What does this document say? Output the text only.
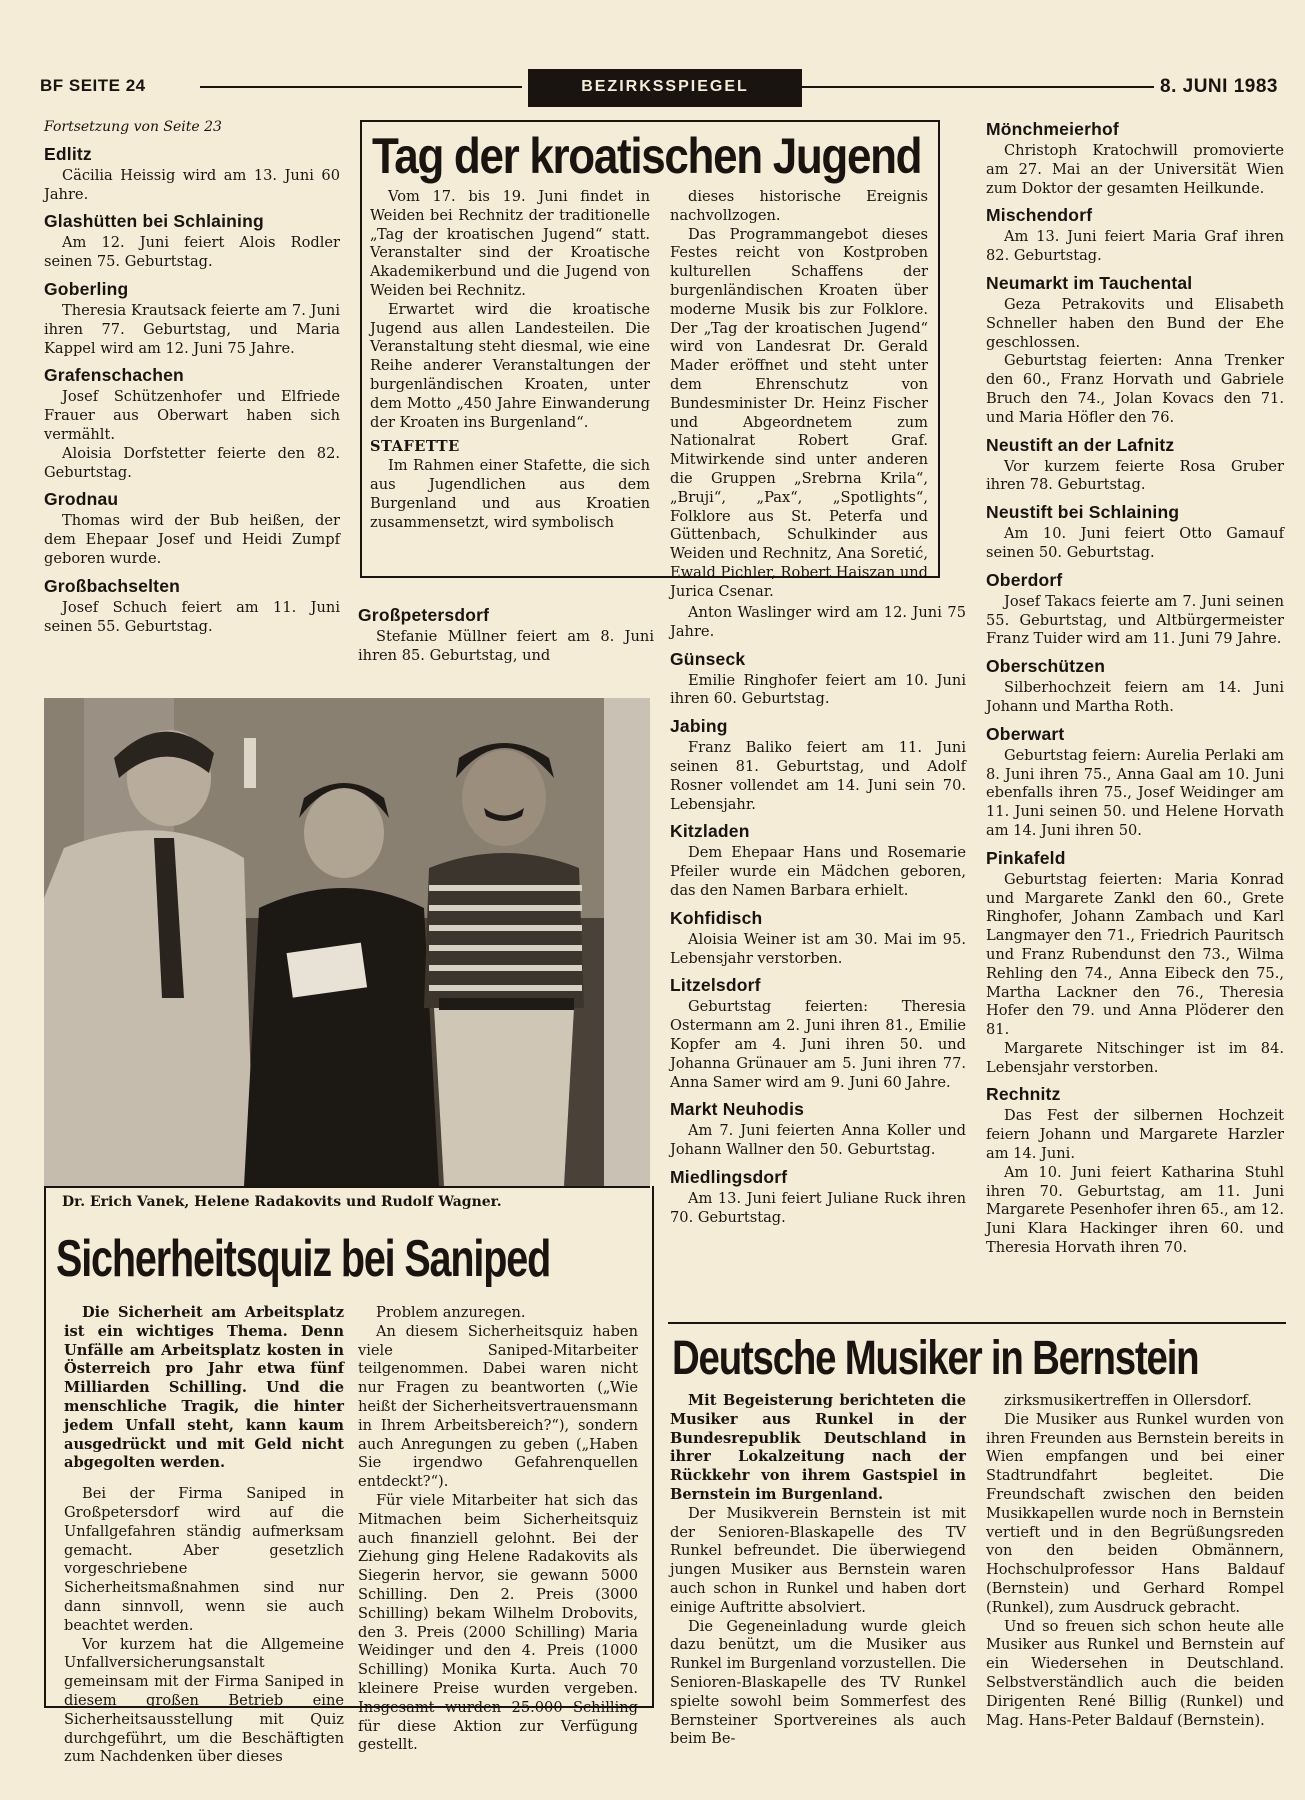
BF SEITE 24	BEZIRKSSPIEGEL	8. JUNI 1983

Fortsetzung von Seite 23

Edlitz

Cäcilia Heissig wird am 13. Juni 60 Jahre.

Glashütten bei Schlaining

Am 12. Juni feiert Alois Rodler seinen 75. Geburtstag.

Goberling

Theresia Krautsack feierte am 7. Juni ihren 77. Geburtstag, und Maria Kappel wird am 12. Juni 75 Jahre.

Grafenschachen

Josef Schützenhofer und Elfriede Frauer aus Oberwart haben sich vermählt.

Aloisia Dorfstetter feierte den 82. Geburtstag.

Grodnau

Thomas wird der Bub heißen, der dem Ehepaar Josef und Heidi Zumpf geboren wurde.

Großbachselten

Josef Schuch feiert am 11. Juni seinen 55. Geburtstag.

Tag der kroatischen Jugend

Vom 17. bis 19. Juni findet in Weiden bei Rechnitz der traditionelle „Tag der kroatischen Jugend“ statt. Veranstalter sind der Kroatische Akademikerbund und die Jugend von Weiden bei Rechnitz.

Erwartet wird die kroatische Jugend aus allen Landesteilen. Die Veranstaltung steht diesmal, wie eine Reihe anderer Veranstaltungen der burgenländischen Kroaten, unter dem Motto „450 Jahre Einwanderung der Kroaten ins Burgenland“.

STAFETTE

Im Rahmen einer Stafette, die sich aus Jugendlichen aus dem Burgenland und aus Kroatien zusammensetzt, wird symbolisch

dieses historische Ereignis nachvollzogen.

Das Programmangebot dieses Festes reicht von Kostproben kulturellen Schaffens der burgenländischen Kroaten über moderne Musik bis zur Folklore. Der „Tag der kroatischen Jugend“ wird von Landesrat Dr. Gerald Mader eröffnet und steht unter dem Ehrenschutz von Bundesminister Dr. Heinz Fischer und Abgeordnetem zum Nationalrat Robert Graf. Mitwirkende sind unter anderen die Gruppen „Srebrna Krila“, „Bruji“, „Pax“, „Spotlights“, Folklore aus St. Peterfa und Güttenbach, Schulkinder aus Weiden und Rechnitz, Ana Soretić, Ewald Pichler, Robert Haiszan und Jurica Csenar.

Großpetersdorf

Stefanie Müllner feiert am 8. Juni ihren 85. Geburtstag, und

Dr. Erich Vanek, Helene Radakovits und Rudolf Wagner.
Sicherheitsquiz bei Saniped

Die Sicherheit am Arbeitsplatz ist ein wichtiges Thema. Denn Unfälle am Arbeitsplatz kosten in Österreich pro Jahr etwa fünf Milliarden Schilling. Und die menschliche Tragik, die hinter jedem Unfall steht, kann kaum ausgedrückt und mit Geld nicht abgegolten werden.

Bei der Firma Saniped in Großpetersdorf wird auf die Unfallgefahren ständig aufmerksam gemacht. Aber gesetzlich vorgeschriebene Sicherheitsmaßnahmen sind nur dann sinnvoll, wenn sie auch beachtet werden.

Vor kurzem hat die Allgemeine Unfallversicherungsanstalt gemeinsam mit der Firma Saniped in diesem großen Betrieb eine Sicherheitsausstellung mit Quiz durchgeführt, um die Beschäftigten zum Nachdenken über dieses

Problem anzuregen.

An diesem Sicherheitsquiz haben viele Saniped-Mitarbeiter teilgenommen. Dabei waren nicht nur Fragen zu beantworten („Wie heißt der Sicherheitsvertrauensmann in Ihrem Arbeitsbereich?“), sondern auch Anregungen zu geben („Haben Sie irgendwo Gefahrenquellen entdeckt?“).

Für viele Mitarbeiter hat sich das Mitmachen beim Sicherheitsquiz auch finanziell gelohnt. Bei der Ziehung ging Helene Radakovits als Siegerin hervor, sie gewann 5000 Schilling. Den 2. Preis (3000 Schilling) bekam Wilhelm Drobovits, den 3. Preis (2000 Schilling) Maria Weidinger und den 4. Preis (1000 Schilling) Monika Kurta. Auch 70 kleinere Preise wurden vergeben. Insgesamt wurden 25.000 Schilling für diese Aktion zur Verfügung gestellt.

Anton Waslinger wird am 12. Juni 75 Jahre.

Günseck

Emilie Ringhofer feiert am 10. Juni ihren 60. Geburtstag.

Jabing

Franz Baliko feiert am 11. Juni seinen 81. Geburtstag, und Adolf Rosner vollendet am 14. Juni sein 70. Lebensjahr.

Kitzladen

Dem Ehepaar Hans und Rosemarie Pfeiler wurde ein Mädchen geboren, das den Namen Barbara erhielt.

Kohfidisch

Aloisia Weiner ist am 30. Mai im 95. Lebensjahr verstorben.

Litzelsdorf

Geburtstag feierten: Theresia Ostermann am 2. Juni ihren 81., Emilie Kopfer am 4. Juni ihren 50. und Johanna Grünauer am 5. Juni ihren 77. Anna Samer wird am 9. Juni 60 Jahre.

Markt Neuhodis

Am 7. Juni feierten Anna Koller und Johann Wallner den 50. Geburtstag.

Miedlingsdorf

Am 13. Juni feiert Juliane Ruck ihren 70. Geburtstag.

Mönchmeierhof

Christoph Kratochwill promovierte am 27. Mai an der Universität Wien zum Doktor der gesamten Heilkunde.

Mischendorf

Am 13. Juni feiert Maria Graf ihren 82. Geburtstag.

Neumarkt im Tauchental

Geza Petrakovits und Elisabeth Schneller haben den Bund der Ehe geschlossen.

Geburtstag feierten: Anna Trenker den 60., Franz Horvath und Gabriele Bruch den 74., Jolan Kovacs den 71. und Maria Höfler den 76.

Neustift an der Lafnitz

Vor kurzem feierte Rosa Gruber ihren 78. Geburtstag.

Neustift bei Schlaining

Am 10. Juni feiert Otto Gamauf seinen 50. Geburtstag.

Oberdorf

Josef Takacs feierte am 7. Juni seinen 55. Geburtstag, und Altbürgermeister Franz Tuider wird am 11. Juni 79 Jahre.

Oberschützen

Silberhochzeit feiern am 14. Juni Johann und Martha Roth.

Oberwart

Geburtstag feiern: Aurelia Perlaki am 8. Juni ihren 75., Anna Gaal am 10. Juni ebenfalls ihren 75., Josef Weidinger am 11. Juni seinen 50. und Helene Horvath am 14. Juni ihren 50.

Pinkafeld

Geburtstag feierten: Maria Konrad und Margarete Zankl den 60., Grete Ringhofer, Johann Zambach und Karl Langmayer den 71., Friedrich Pauritsch und Franz Rubendunst den 73., Wilma Rehling den 74., Anna Eibeck den 75., Martha Lackner den 76., Theresia Hofer den 79. und Anna Plöderer den 81.

Margarete Nitschinger ist im 84. Lebensjahr verstorben.

Rechnitz

Das Fest der silbernen Hochzeit feiern Johann und Margarete Harzler am 14. Juni.

Am 10. Juni feiert Katharina Stuhl ihren 70. Geburtstag, am 11. Juni Margarete Pesenhofer ihren 65., am 12. Juni Klara Hackinger ihren 60. und Theresia Horvath ihren 70.

Deutsche Musiker in Bernstein

Mit Begeisterung berichteten die Musiker aus Runkel in der Bundesrepublik Deutschland in ihrer Lokalzeitung nach der Rückkehr von ihrem Gastspiel in Bernstein im Burgenland.

Der Musikverein Bernstein ist mit der Senioren-Blaskapelle des TV Runkel befreundet. Die überwiegend jungen Musiker aus Bernstein waren auch schon in Runkel und haben dort einige Auftritte absolviert.

Die Gegeneinladung wurde gleich dazu benützt, um die Musiker aus Runkel im Burgenland vorzustellen. Die Senioren-Blaskapelle des TV Runkel spielte sowohl beim Sommerfest des Bernsteiner Sportvereines als auch beim Be-

zirksmusikertreffen in Ollersdorf.

Die Musiker aus Runkel wurden von ihren Freunden aus Bernstein bereits in Wien empfangen und bei einer Stadtrundfahrt begleitet. Die Freundschaft zwischen den beiden Musikkapellen wurde noch in Bernstein vertieft und in den Begrüßungsreden von den beiden Obmännern, Hochschulprofessor Hans Baldauf (Bernstein) und Gerhard Rompel (Runkel), zum Ausdruck gebracht.

Und so freuen sich schon heute alle Musiker aus Runkel und Bernstein auf ein Wiedersehen in Deutschland. Selbstverständlich auch die beiden Dirigenten René Billig (Runkel) und Mag. Hans-Peter Baldauf (Bernstein).
